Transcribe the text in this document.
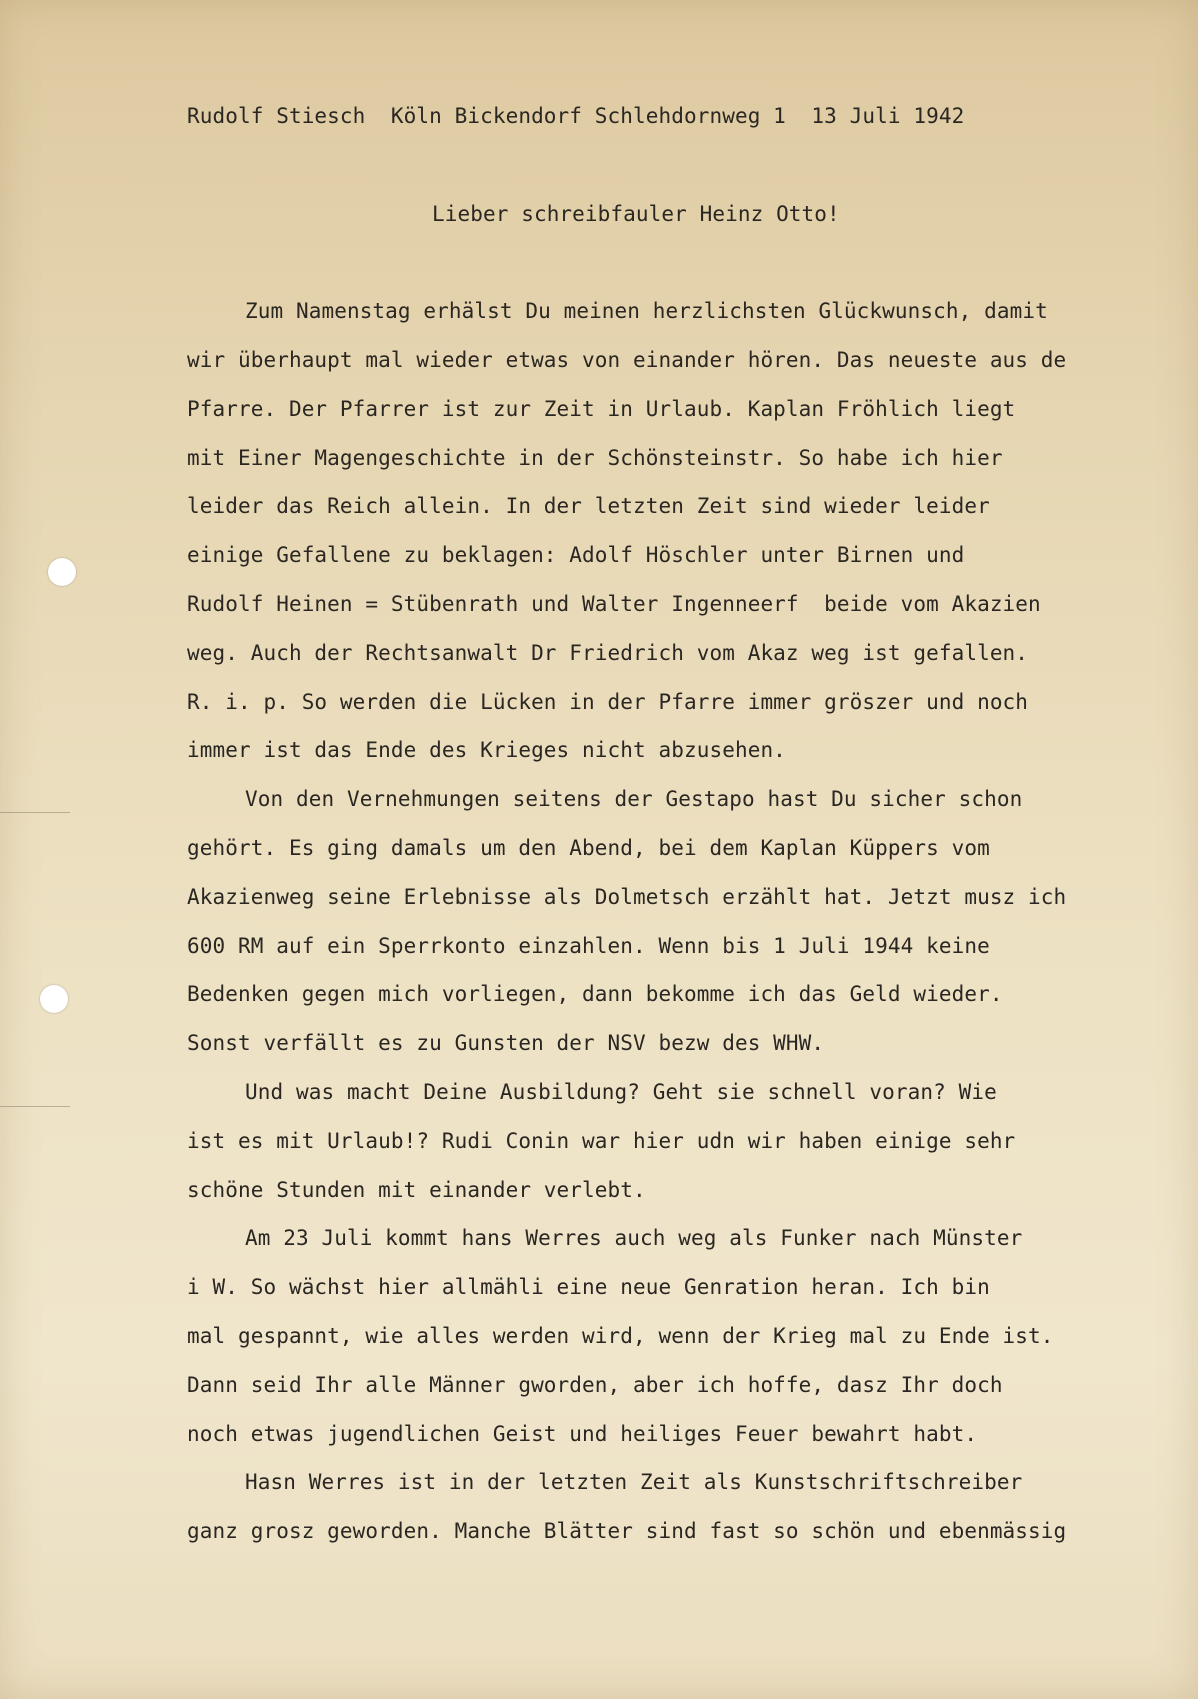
Rudolf Stiesch  Köln Bickendorf Schlehdornweg 1  13 Juli 1942
Lieber schreibfauler Heinz Otto!
Zum Namenstag erhälst Du meinen herzlichsten Glückwunsch, damit
wir überhaupt mal wieder etwas von einander hören. Das neueste aus de
Pfarre. Der Pfarrer ist zur Zeit in Urlaub. Kaplan Fröhlich liegt
mit Einer Magengeschichte in der Schönsteinstr. So habe ich hier
leider das Reich allein. In der letzten Zeit sind wieder leider
einige Gefallene zu beklagen: Adolf Höschler unter Birnen und
Rudolf Heinen = Stübenrath und Walter Ingenneerf  beide vom Akazien
weg. Auch der Rechtsanwalt Dr Friedrich vom Akaz weg ist gefallen.
R. i. p. So werden die Lücken in der Pfarre immer gröszer und noch
immer ist das Ende des Krieges nicht abzusehen.
Von den Vernehmungen seitens der Gestapo hast Du sicher schon
gehört. Es ging damals um den Abend, bei dem Kaplan Küppers vom
Akazienweg seine Erlebnisse als Dolmetsch erzählt hat. Jetzt musz ich
600 RM auf ein Sperrkonto einzahlen. Wenn bis 1 Juli 1944 keine
Bedenken gegen mich vorliegen, dann bekomme ich das Geld wieder.
Sonst verfällt es zu Gunsten der NSV bezw des WHW.
Und was macht Deine Ausbildung? Geht sie schnell voran? Wie
ist es mit Urlaub!? Rudi Conin war hier udn wir haben einige sehr
schöne Stunden mit einander verlebt.
Am 23 Juli kommt hans Werres auch weg als Funker nach Münster
i W. So wächst hier allmähli eine neue Genration heran. Ich bin
mal gespannt, wie alles werden wird, wenn der Krieg mal zu Ende ist.
Dann seid Ihr alle Männer gworden, aber ich hoffe, dasz Ihr doch
noch etwas jugendlichen Geist und heiliges Feuer bewahrt habt.
Hasn Werres ist in der letzten Zeit als Kunstschriftschreiber
ganz grosz geworden. Manche Blätter sind fast so schön und ebenmässig
